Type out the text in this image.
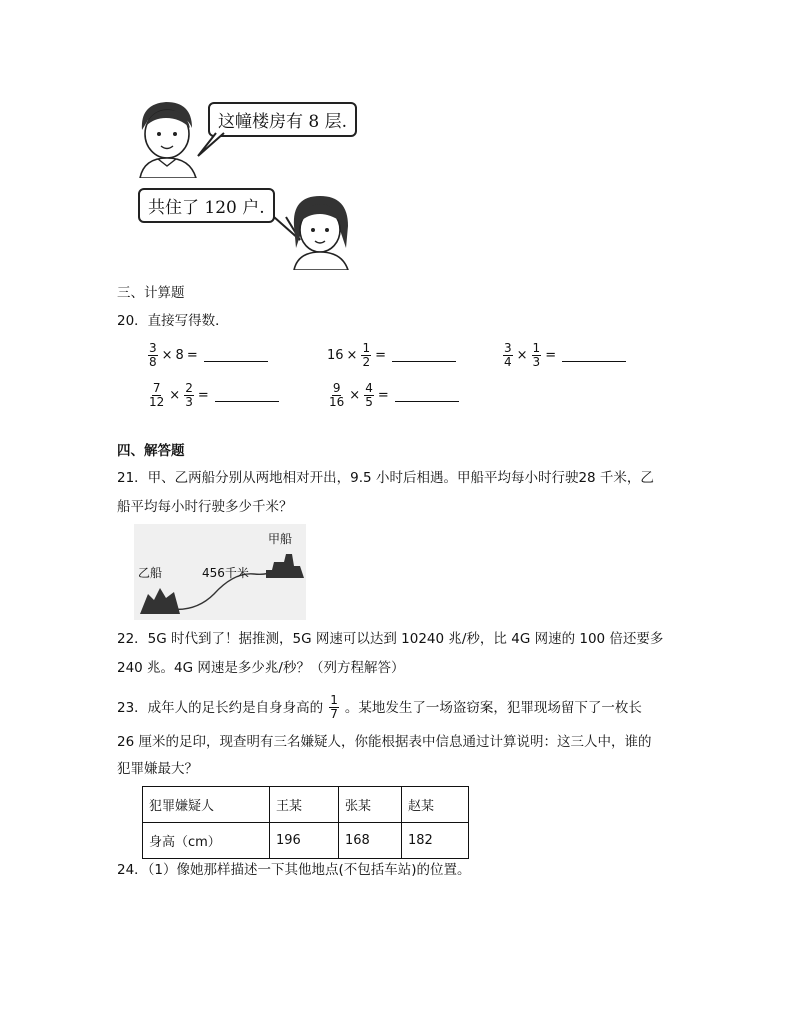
这幢楼房有 8 层.
共住了 120 户.
三、计算题
20．直接写得数．
$\frac{3}{8} \times 8$ =	$16 \times \frac{1}{2}$ =	$\frac{3}{4} \times \frac{1}{3}$ =
$\frac{7}{12} \times \frac{2}{3}$ =	$\frac{9}{16} \times \frac{4}{5}$ =
四、解答题
21．甲、乙两船分别从两地相对开出，9.5 小时后相遇。甲船平均每小时行驶28 千米，乙
船平均每小时行驶多少千米？
甲船
乙船	456千米
22．5G 时代到了！据推测，5G 网速可以达到 10240 兆/秒，比 4G 网速的 100 倍还要多
240 兆。4G 网速是多少兆/秒？（列方程解答）
23．成年人的足长约是自身身高的 $\frac{1}{7}$ 。某地发生了一场盗窃案，犯罪现场留下了一枚长
26 厘米的足印，现查明有三名嫌疑人，你能根据表中信息通过计算说明：这三人中，谁的
犯罪嫌最大？
犯罪嫌疑人	王某	张某	赵某
身高（cm）	196	168	182
24．（1）像她那样描述一下其他地点(不包括车站)的位置。
